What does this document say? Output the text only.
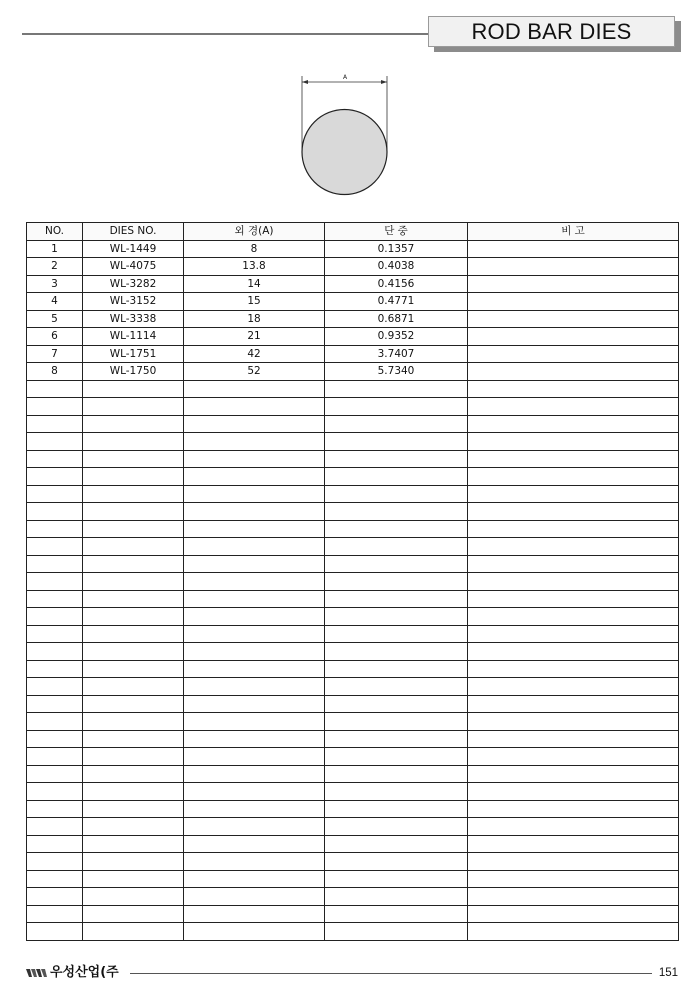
ROD BAR DIES
A
NO.	DIES NO.	외 경(A)	단 중	비 고
1	WL-1449	8	0.1357	
2	WL-4075	13.8	0.4038	
3	WL-3282	14	0.4156	
4	WL-3152	15	0.4771	
5	WL-3338	18	0.6871	
6	WL-1114	21	0.9352	
7	WL-1751	42	3.7407	
8	WL-1750	52	5.7340	

우성산업(주	151
